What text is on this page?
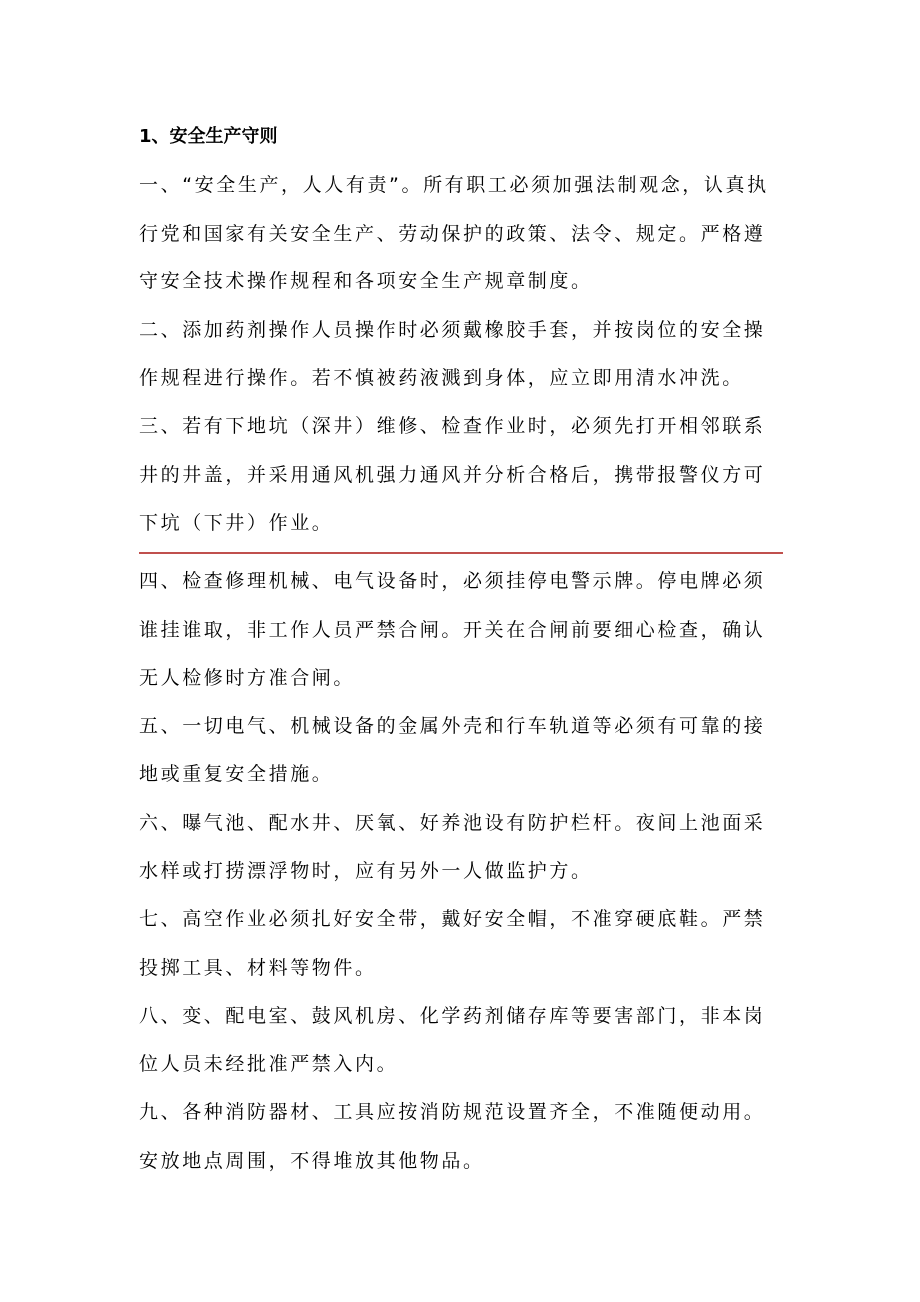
1、安全生产守则
一、“安全生产，人人有责”。所有职工必须加强法制观念，认真执
行党和国家有关安全生产、劳动保护的政策、法令、规定。严格遵
守安全技术操作规程和各项安全生产规章制度。
二、添加药剂操作人员操作时必须戴橡胶手套，并按岗位的安全操
作规程进行操作。若不慎被药液溅到身体，应立即用清水冲洗。
三、若有下地坑（深井）维修、检查作业时，必须先打开相邻联系
井的井盖，并采用通风机强力通风并分析合格后，携带报警仪方可
下坑（下井）作业。
四、检查修理机械、电气设备时，必须挂停电警示牌。停电牌必须
谁挂谁取，非工作人员严禁合闸。开关在合闸前要细心检查，确认
无人检修时方准合闸。
五、一切电气、机械设备的金属外壳和行车轨道等必须有可靠的接
地或重复安全措施。
六、曝气池、配水井、厌氧、好养池设有防护栏杆。夜间上池面采
水样或打捞漂浮物时，应有另外一人做监护方。
七、高空作业必须扎好安全带，戴好安全帽，不准穿硬底鞋。严禁
投掷工具、材料等物件。
八、变、配电室、鼓风机房、化学药剂储存库等要害部门，非本岗
位人员未经批准严禁入内。
九、各种消防器材、工具应按消防规范设置齐全，不准随便动用。
安放地点周围，不得堆放其他物品。
